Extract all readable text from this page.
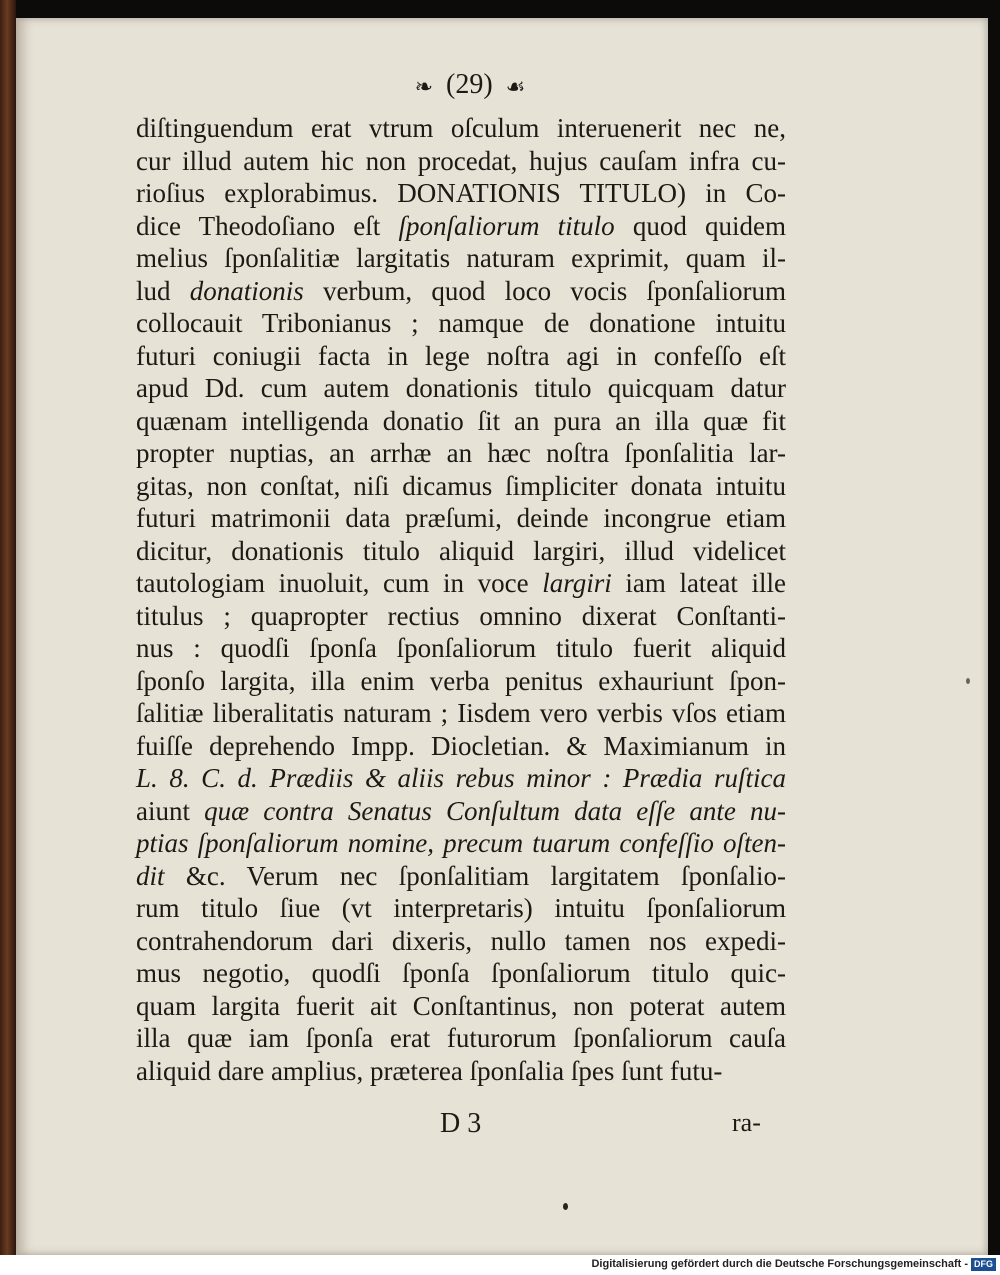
❧ (29) ☙
diſtinguendum erat vtrum oſculum interuenerit nec ne,
cur illud autem hic non procedat, hujus cauſam infra cu-
rioſius explorabimus. DONATIONIS TITULO) in Co-
dice Theodoſiano eſt ſponſaliorum titulo quod quidem
melius ſponſalitiæ largitatis naturam exprimit, quam il-
lud donationis verbum, quod loco vocis ſponſaliorum
collocauit Tribonianus ; namque de donatione intuitu
futuri coniugii facta in lege noſtra agi in confeſſo eſt
apud Dd. cum autem donationis titulo quicquam datur
quænam intelligenda donatio ſit an pura an illa quæ fit
propter nuptias, an arrhæ an hæc noſtra ſponſalitia lar-
gitas, non conſtat, niſi dicamus ſimpliciter donata intuitu
futuri matrimonii data præſumi, deinde incongrue etiam
dicitur, donationis titulo aliquid largiri, illud videlicet
tautologiam inuoluit, cum in voce largiri iam lateat ille
titulus ; quapropter rectius omnino dixerat Conſtanti-
nus : quodſi ſponſa ſponſaliorum titulo fuerit aliquid
ſponſo largita, illa enim verba penitus exhauriunt ſpon-
ſalitiæ liberalitatis naturam ; Iisdem vero verbis vſos etiam
fuiſſe deprehendo Impp. Diocletian. & Maximianum in
L. 8. C. d. Prædiis & aliis rebus minor : Prædia ruſtica
aiunt quæ contra Senatus Conſultum data eſſe ante nu-
ptias ſponſaliorum nomine, precum tuarum confeſſio oſten-
dit &c. Verum nec ſponſalitiam largitatem ſponſalio-
rum titulo ſiue (vt interpretaris) intuitu ſponſaliorum
contrahendorum dari dixeris, nullo tamen nos expedi-
mus negotio, quodſi ſponſa ſponſaliorum titulo quic-
quam largita fuerit ait Conſtantinus, non poterat autem
illa quæ iam ſponſa erat futurorum ſponſaliorum cauſa
aliquid dare amplius, præterea ſponſalia ſpes ſunt futu-
D 3	ra-
Digitalisierung gefördert durch die Deutsche Forschungsgemeinschaft - DFG
